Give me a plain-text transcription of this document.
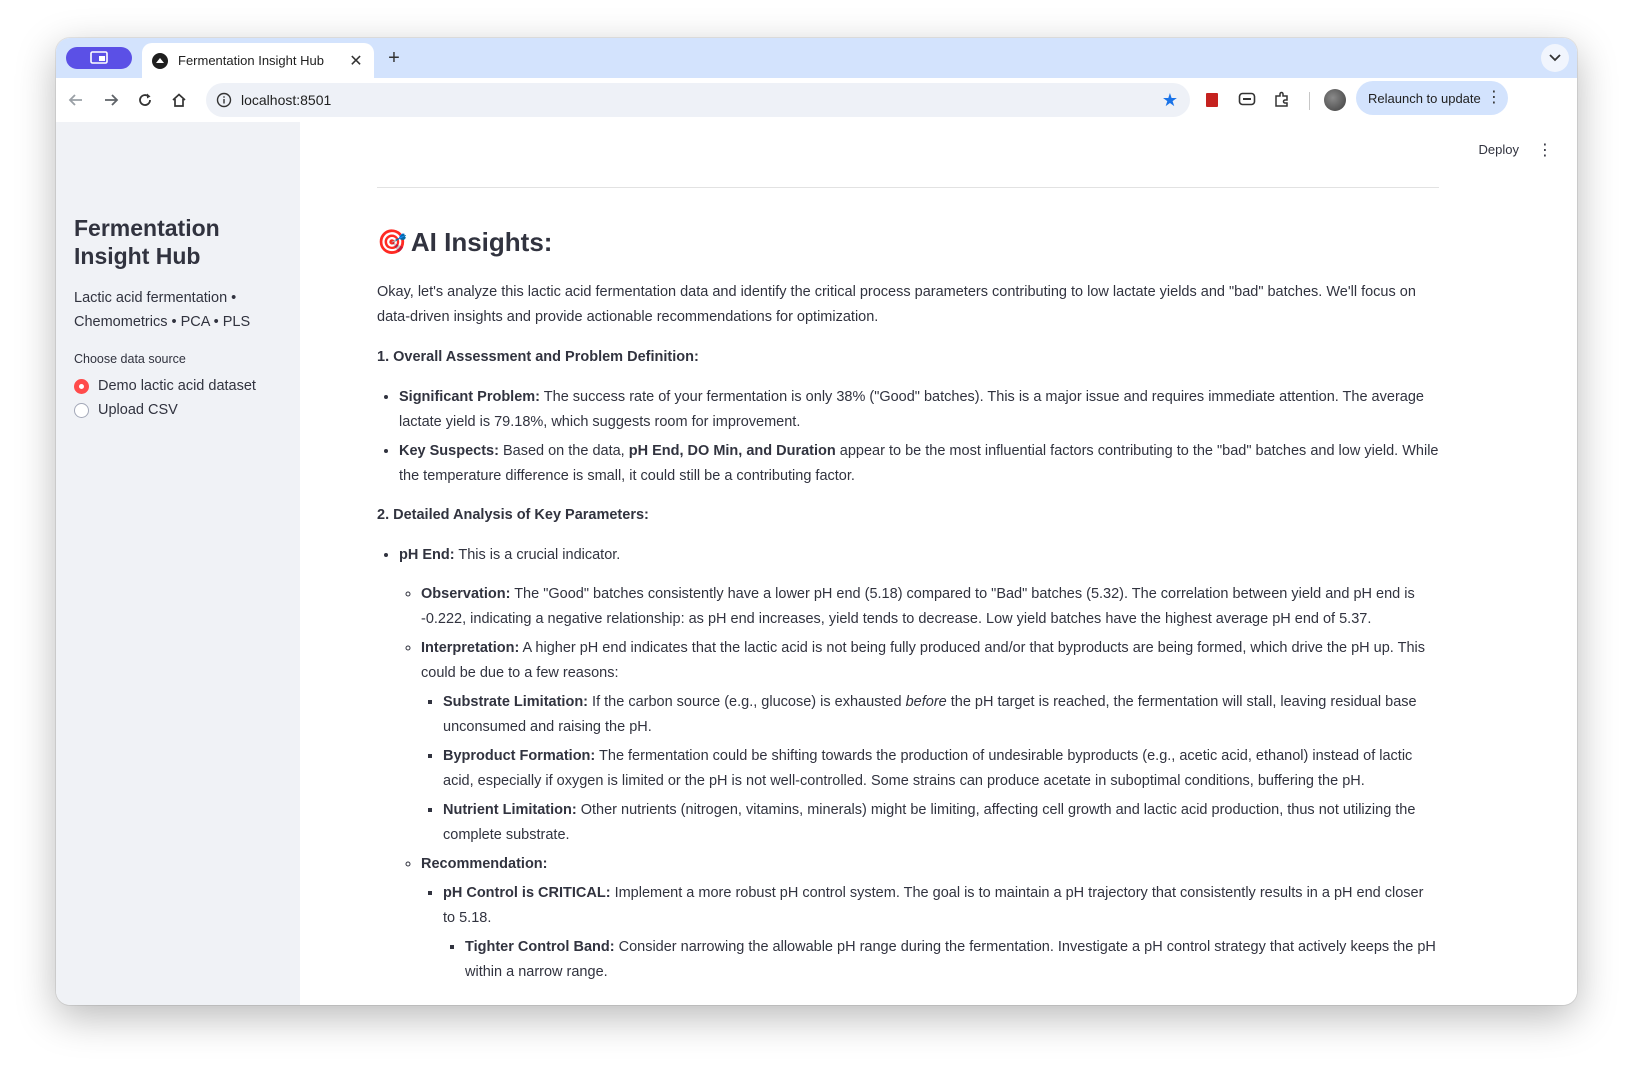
Fermentation Insight Hub	✕	+
localhost:8501	★	Relaunch to update ⋮
Fermentation Insight Hub
Lactic acid fermentation • Chemometrics • PCA • PLS
Choose data source
Demo lactic acid dataset
Upload CSV
Deploy ⋮
🎯 AI Insights:

Okay, let's analyze this lactic acid fermentation data and identify the critical process parameters contributing to low lactate yields and "bad" batches. We'll focus on data-driven insights and provide actionable recommendations for optimization.

1. Overall Assessment and Problem Definition:

• Significant Problem: The success rate of your fermentation is only 38% ("Good" batches). This is a major issue and requires immediate attention. The average lactate yield is 79.18%, which suggests room for improvement.
• Key Suspects: Based on the data, pH End, DO Min, and Duration appear to be the most influential factors contributing to the "bad" batches and low yield. While the temperature difference is small, it could still be a contributing factor.

2. Detailed Analysis of Key Parameters:

• pH End: This is a crucial indicator.
◦ Observation: The "Good" batches consistently have a lower pH end (5.18) compared to "Bad" batches (5.32). The correlation between yield and pH end is -0.222, indicating a negative relationship: as pH end increases, yield tends to decrease. Low yield batches have the highest average pH end of 5.37.
◦ Interpretation: A higher pH end indicates that the lactic acid is not being fully produced and/or that byproducts are being formed, which drive the pH up. This could be due to a few reasons:
▪ Substrate Limitation: If the carbon source (e.g., glucose) is exhausted before the pH target is reached, the fermentation will stall, leaving residual base unconsumed and raising the pH.
▪ Byproduct Formation: The fermentation could be shifting towards the production of undesirable byproducts (e.g., acetic acid, ethanol) instead of lactic acid, especially if oxygen is limited or the pH is not well-controlled. Some strains can produce acetate in suboptimal conditions, buffering the pH.
▪ Nutrient Limitation: Other nutrients (nitrogen, vitamins, minerals) might be limiting, affecting cell growth and lactic acid production, thus not utilizing the complete substrate.
◦ Recommendation:
▪ pH Control is CRITICAL: Implement a more robust pH control system. The goal is to maintain a pH trajectory that consistently results in a pH end closer to 5.18.
▪ Tighter Control Band: Consider narrowing the allowable pH range during the fermentation. Investigate a pH control strategy that actively keeps the pH within a narrow range.
